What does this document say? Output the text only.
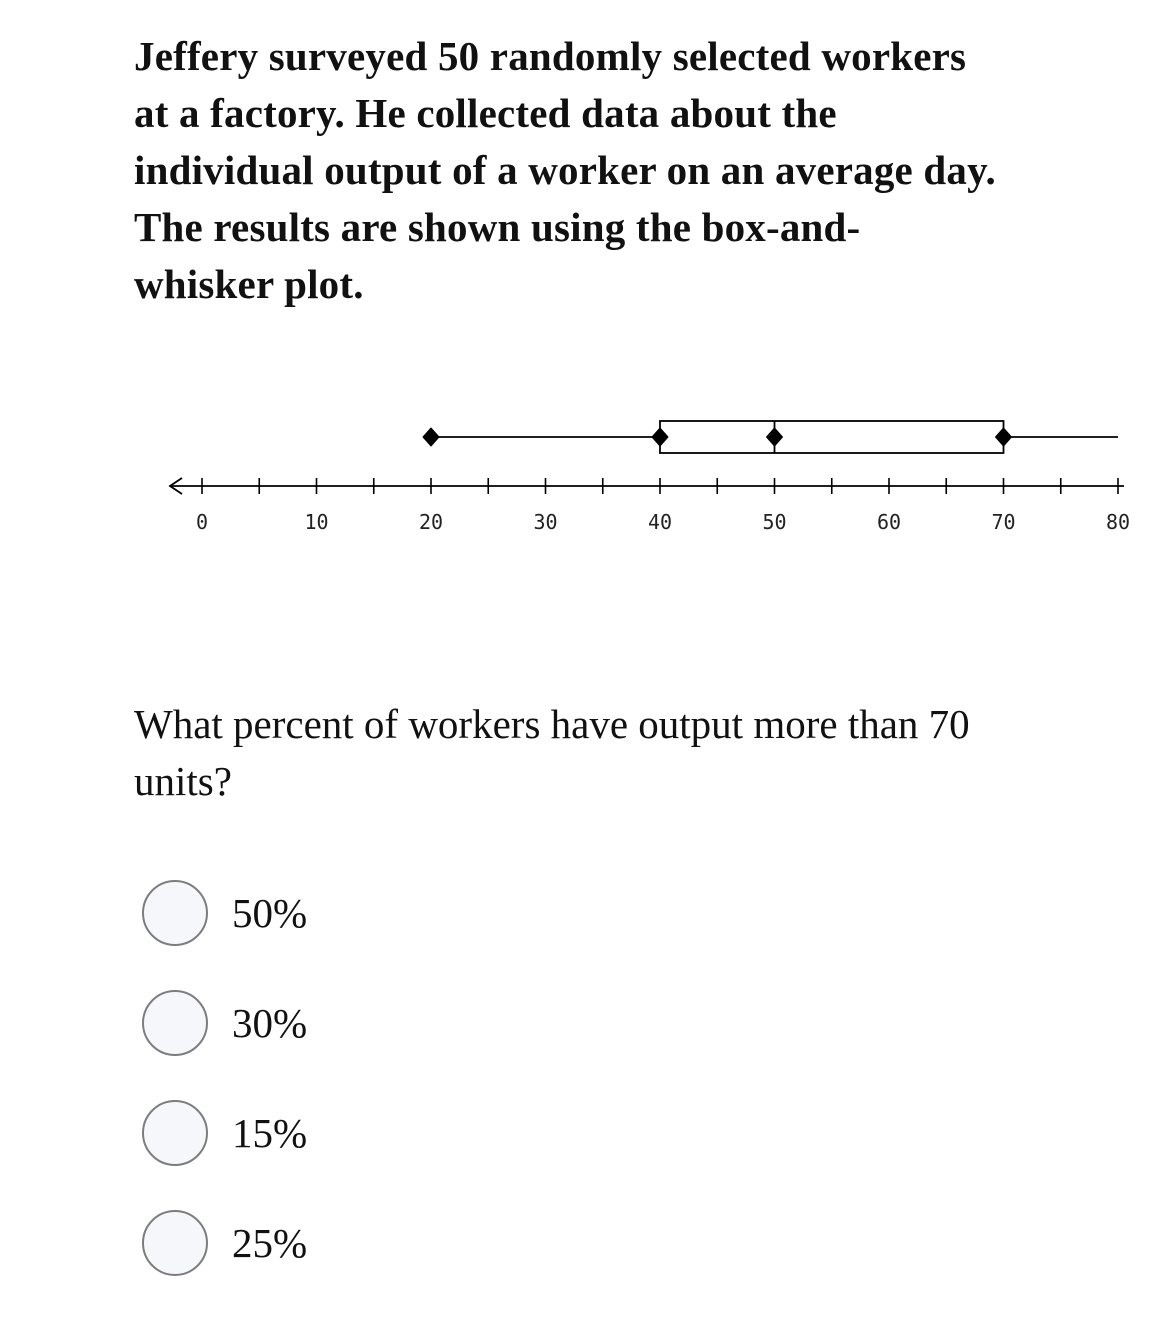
Jeffery surveyed 50 randomly selected workers
at a factory. He collected data about the
individual output of a worker on an average day.
The results are shown using the box-and-
whisker plot.
0	10	20	30	40	50	60	70	80
What percent of workers have output more than 70
units?
50%
30%
15%
25%
